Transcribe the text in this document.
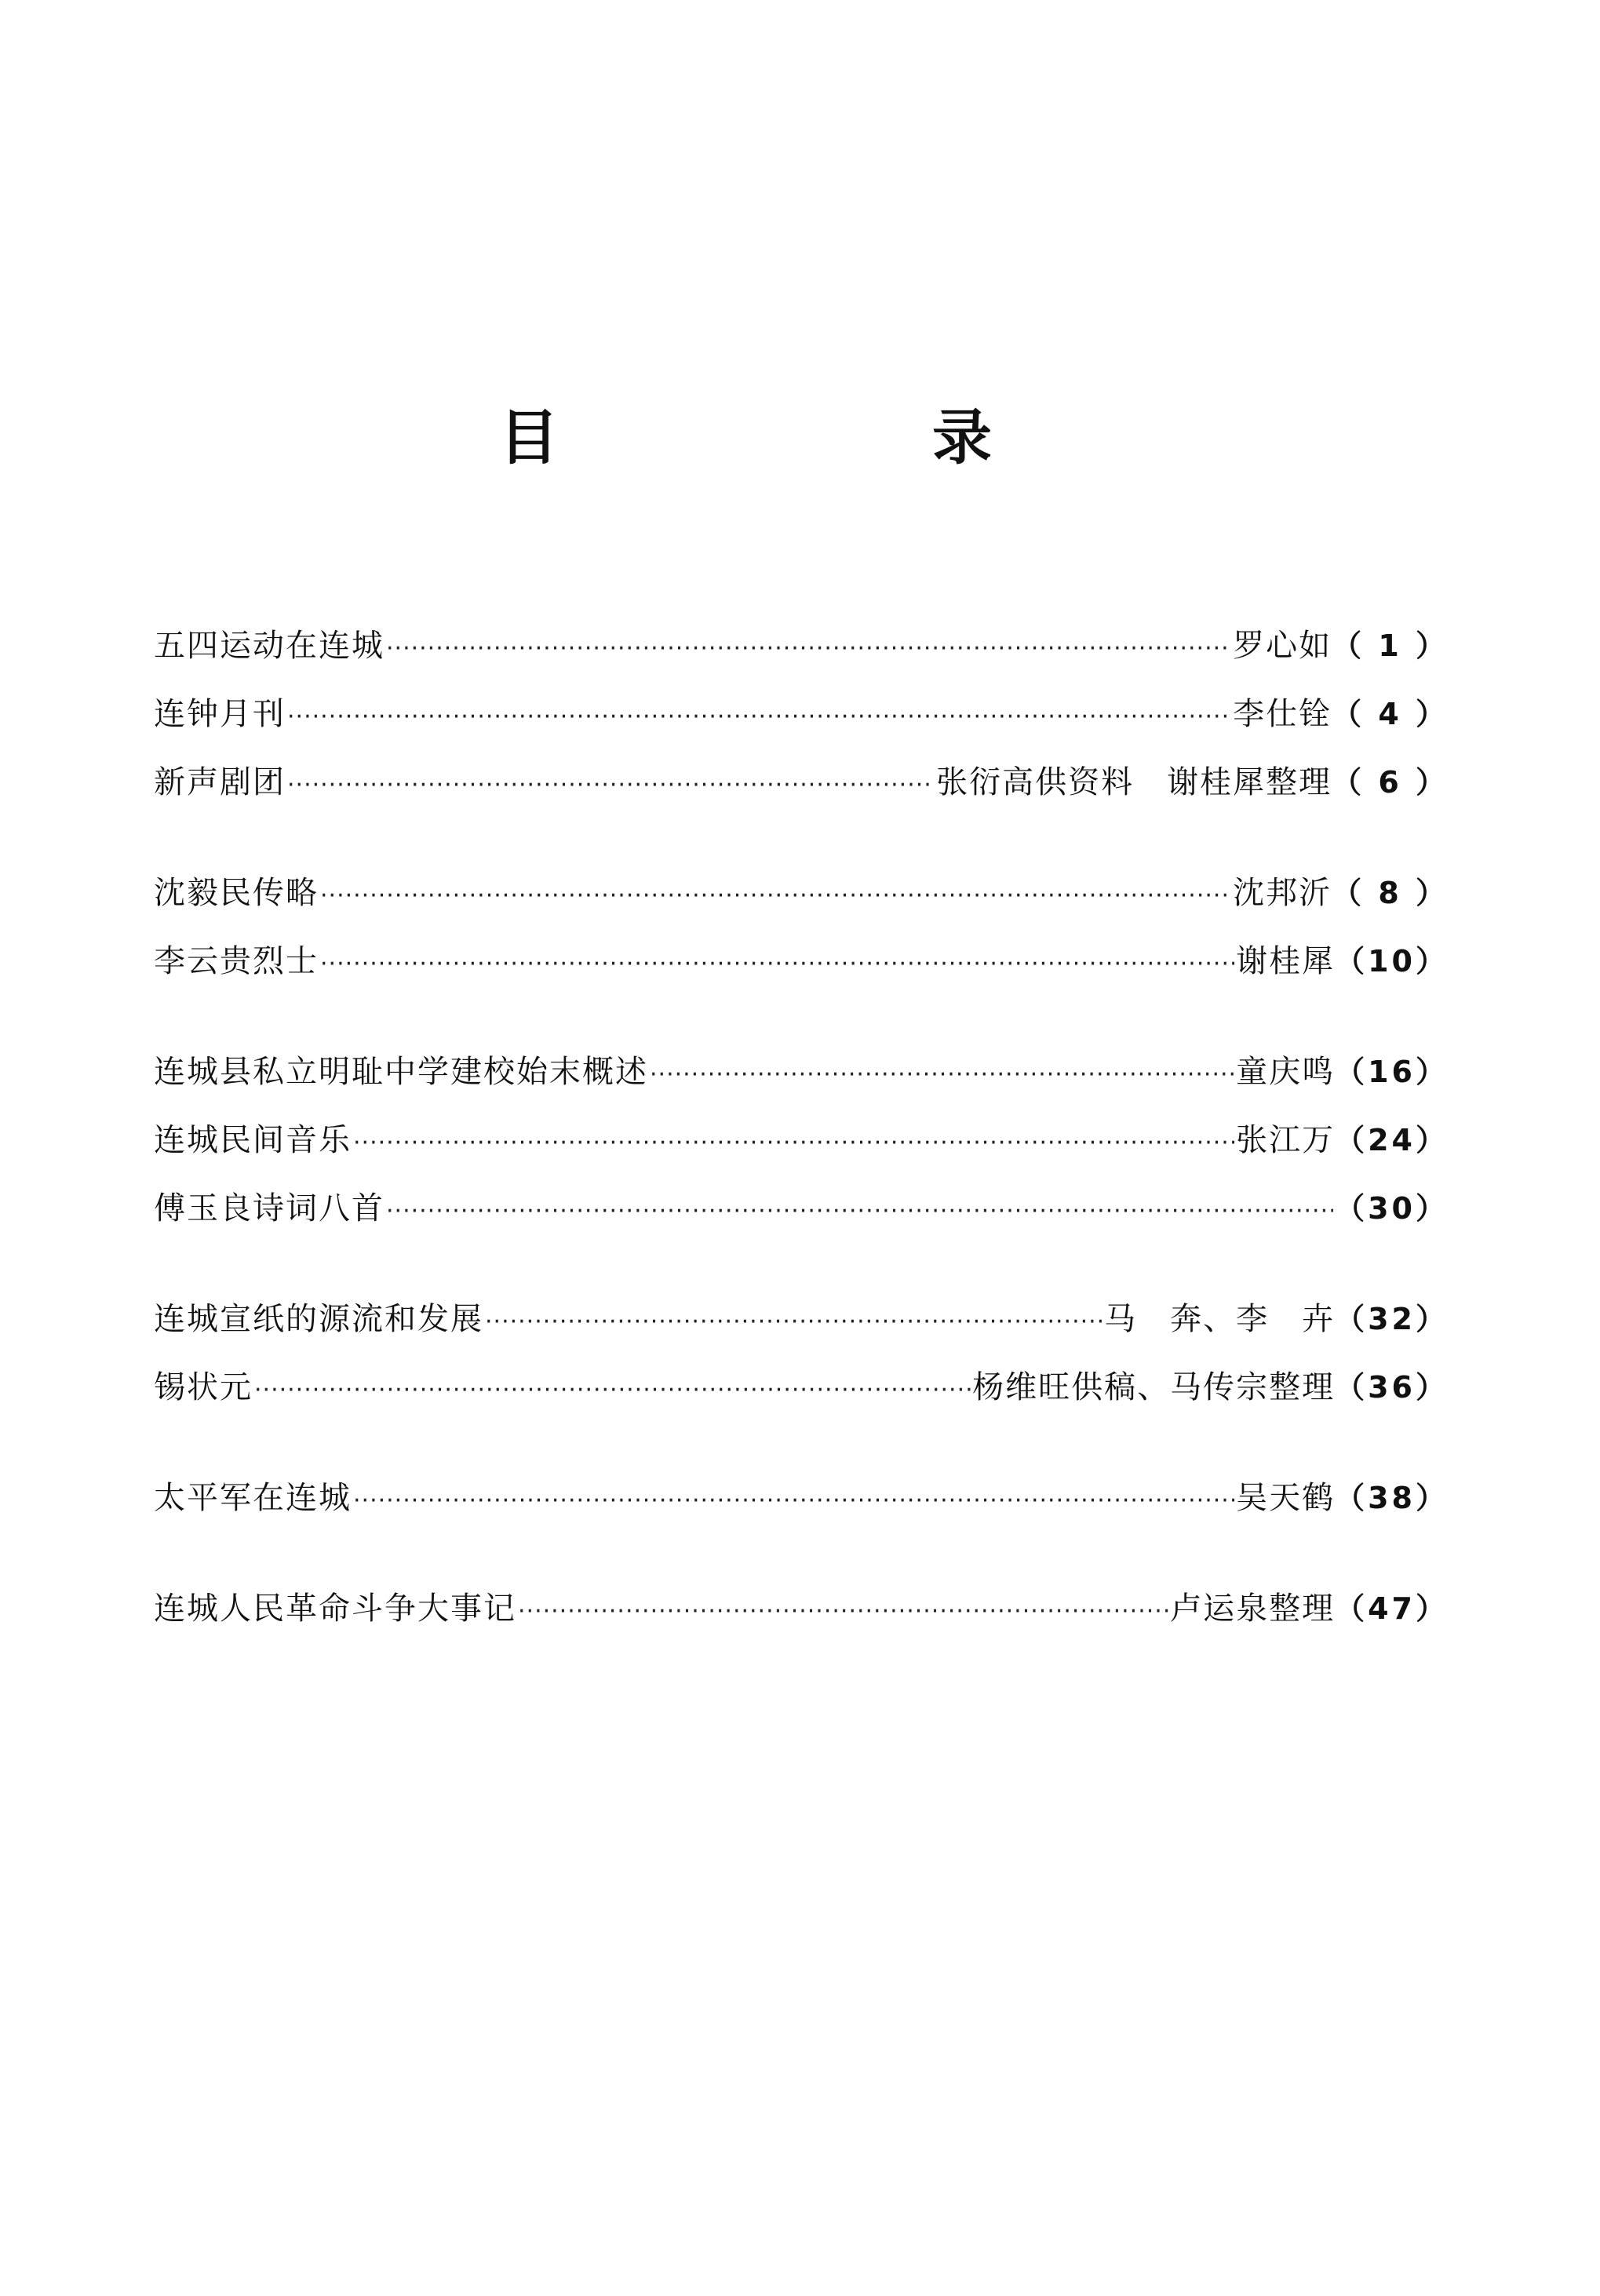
目　录
五四运动在连城 ·····	罗心如 （ 1 ）
连钟月刊 ·····	李仕铨 （ 4 ）
新声剧团 ·····	张衍高供资料　谢桂犀整理 （ 6 ）
沈毅民传略 ·····	沈邦沂 （ 8 ）
李云贵烈士 ·····	谢桂犀 （10）
连城县私立明耻中学建校始末概述 ·····	童庆鸣 （16）
连城民间音乐 ·····	张江万 （24）
傅玉良诗词八首 ·····	（30）
连城宣纸的源流和发展 ·····	马　奔、李　卉 （32）
锡状元 ·····	杨维旺供稿、马传宗整理 （36）
太平军在连城 ·····	吴天鹤 （38）
连城人民革命斗争大事记 ·····	卢运泉整理 （47）
